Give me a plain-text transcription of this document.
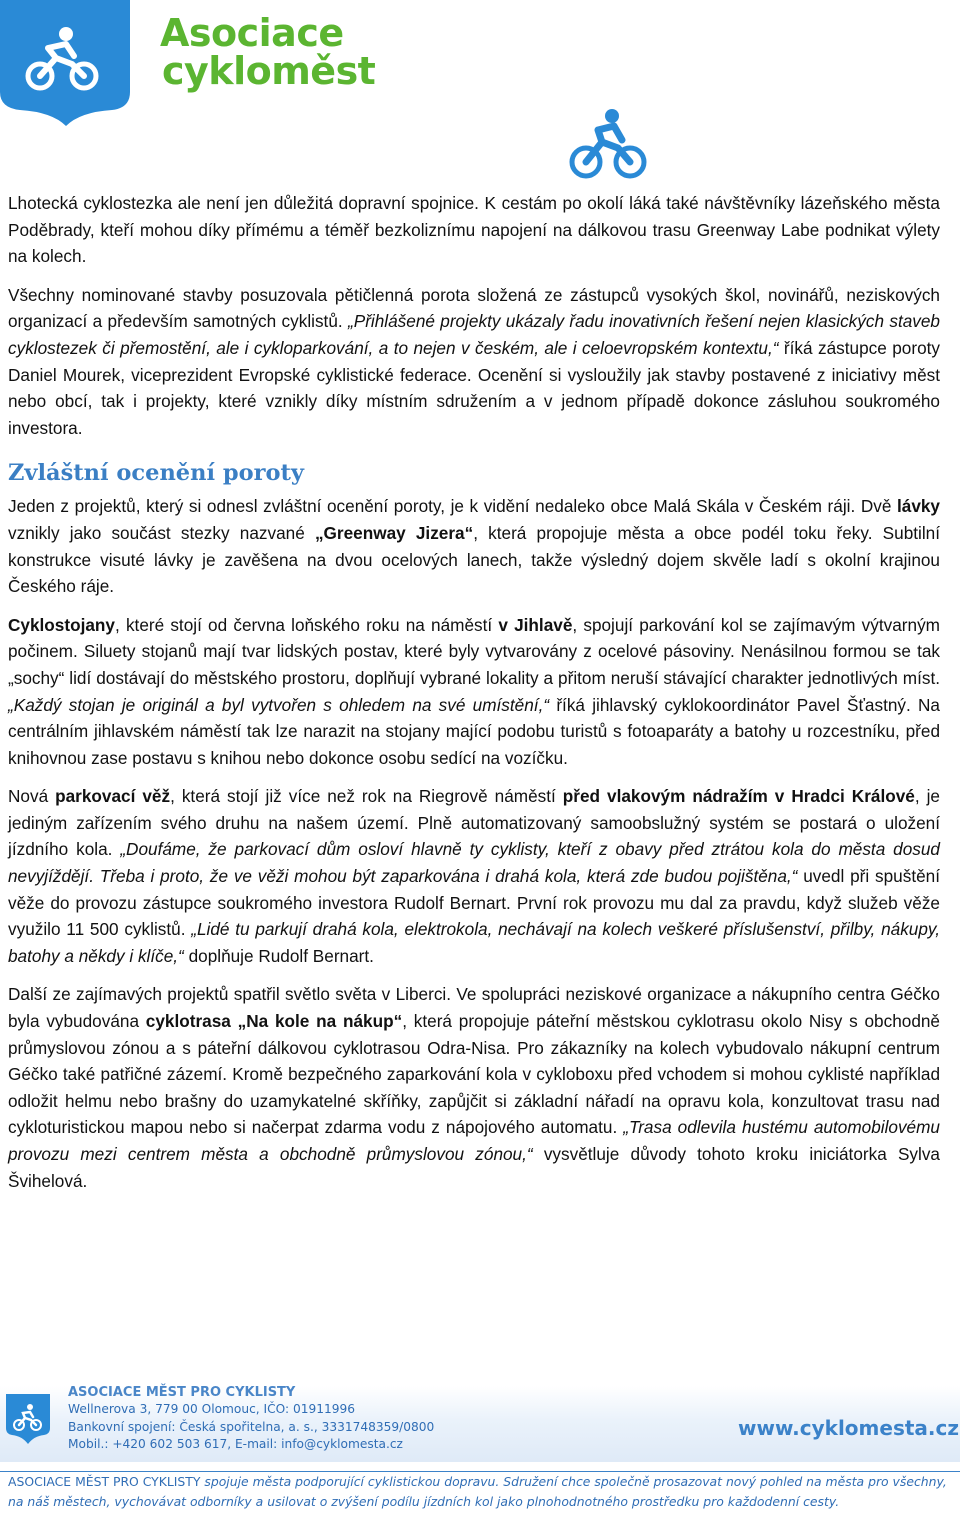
Asociace
cykloměst

Lhotecká cyklostezka ale není jen důležitá dopravní spojnice. K cestám po okolí láká také návštěvníky lázeňského města Poděbrady, kteří mohou díky přímému a téměř bezkoliznímu napojení na dálkovou trasu Greenway Labe podnikat výlety na kolech.

Všechny nominované stavby posuzovala pětičlenná porota složená ze zástupců vysokých škol, novinářů, neziskových organizací a především samotných cyklistů. „Přihlášené projekty ukázaly řadu inovativních řešení nejen klasických staveb cyklostezek či přemostění, ale i cykloparkování, a to nejen v českém, ale i celoevropském kontextu,“ říká zástupce poroty Daniel Mourek, viceprezident Evropské cyklistické federace. Ocenění si vysloužily jak stavby postavené z iniciativy měst nebo obcí, tak i projekty, které vznikly díky místním sdružením a v jednom případě dokonce zásluhou soukromého investora.

Zvláštní ocenění poroty

Jeden z projektů, který si odnesl zvláštní ocenění poroty, je k vidění nedaleko obce Malá Skála v Českém ráji. Dvě lávky vznikly jako součást stezky nazvané „Greenway Jizera“, která propojuje města a obce podél toku řeky. Subtilní konstrukce visuté lávky je zavěšena na dvou ocelových lanech, takže výsledný dojem skvěle ladí s okolní krajinou Českého ráje.

Cyklostojany, které stojí od června loňského roku na náměstí v Jihlavě, spojují parkování kol se zajímavým výtvarným počinem. Siluety stojanů mají tvar lidských postav, které byly vytvarovány z ocelové pásoviny. Nenásilnou formou se tak „sochy“ lidí dostávají do městského prostoru, doplňují vybrané lokality a přitom neruší stávající charakter jednotlivých míst. „Každý stojan je originál a byl vytvořen s ohledem na své umístění,“ říká jihlavský cyklokoordinátor Pavel Šťastný. Na centrálním jihlavském náměstí tak lze narazit na stojany mající podobu turistů s fotoaparáty a batohy u rozcestníku, před knihovnou zase postavu s knihou nebo dokonce osobu sedící na vozíčku.

Nová parkovací věž, která stojí již více než rok na Riegrově náměstí před vlakovým nádražím v Hradci Králové, je jediným zařízením svého druhu na našem území. Plně automatizovaný samoobslužný systém se postará o uložení jízdního kola. „Doufáme, že parkovací dům osloví hlavně ty cyklisty, kteří z obavy před ztrátou kola do města dosud nevyjíždějí. Třeba i proto, že ve věži mohou být zaparkována i drahá kola, která zde budou pojištěna,“ uvedl při spuštění věže do provozu zástupce soukromého investora Rudolf Bernart. První rok provozu mu dal za pravdu, když služeb věže využilo 11 500 cyklistů. „Lidé tu parkují drahá kola, elektrokola, nechávají na kolech veškeré příslušenství, přilby, nákupy, batohy a někdy i klíče,“ doplňuje Rudolf Bernart.

Další ze zajímavých projektů spatřil světlo světa v Liberci. Ve spolupráci neziskové organizace a nákupního centra Géčko byla vybudována cyklotrasa „Na kole na nákup“, která propojuje páteřní městskou cyklotrasu okolo Nisy s obchodně průmyslovou zónou a s páteřní dálkovou cyklotrasou Odra-Nisa. Pro zákazníky na kolech vybudovalo nákupní centrum Géčko také patřičné zázemí. Kromě bezpečného zaparkování kola v cykloboxu před vchodem si mohou cyklisté například odložit helmu nebo brašny do uzamykatelné skříňky, zapůjčit si základní nářadí na opravu kola, konzultovat trasu nad cykloturistickou mapou nebo si načerpat zdarma vodu z nápojového automatu. „Trasa odlevila hustému automobilovému provozu mezi centrem města a obchodně průmyslovou zónou,“ vysvětluje důvody tohoto kroku iniciátorka Sylva Švihelová.

ASOCIACE MĚST PRO CYKLISTY
Wellnerova 3, 779 00 Olomouc, IČO: 01911996
Bankovní spojení: Česká spořitelna, a. s., 3331748359/0800
Mobil.: +420 602 503 617, E-mail: info@cyklomesta.cz
www.cyklomesta.cz
ASOCIACE MĚST PRO CYKLISTY spojuje města podporující cyklistickou dopravu. Sdružení chce společně prosazovat nový pohled na města pro všechny, na náš městech, vychovávat odborníky a usilovat o zvýšení podílu jízdních kol jako plnohodnotného prostředku pro každodenní cesty.
